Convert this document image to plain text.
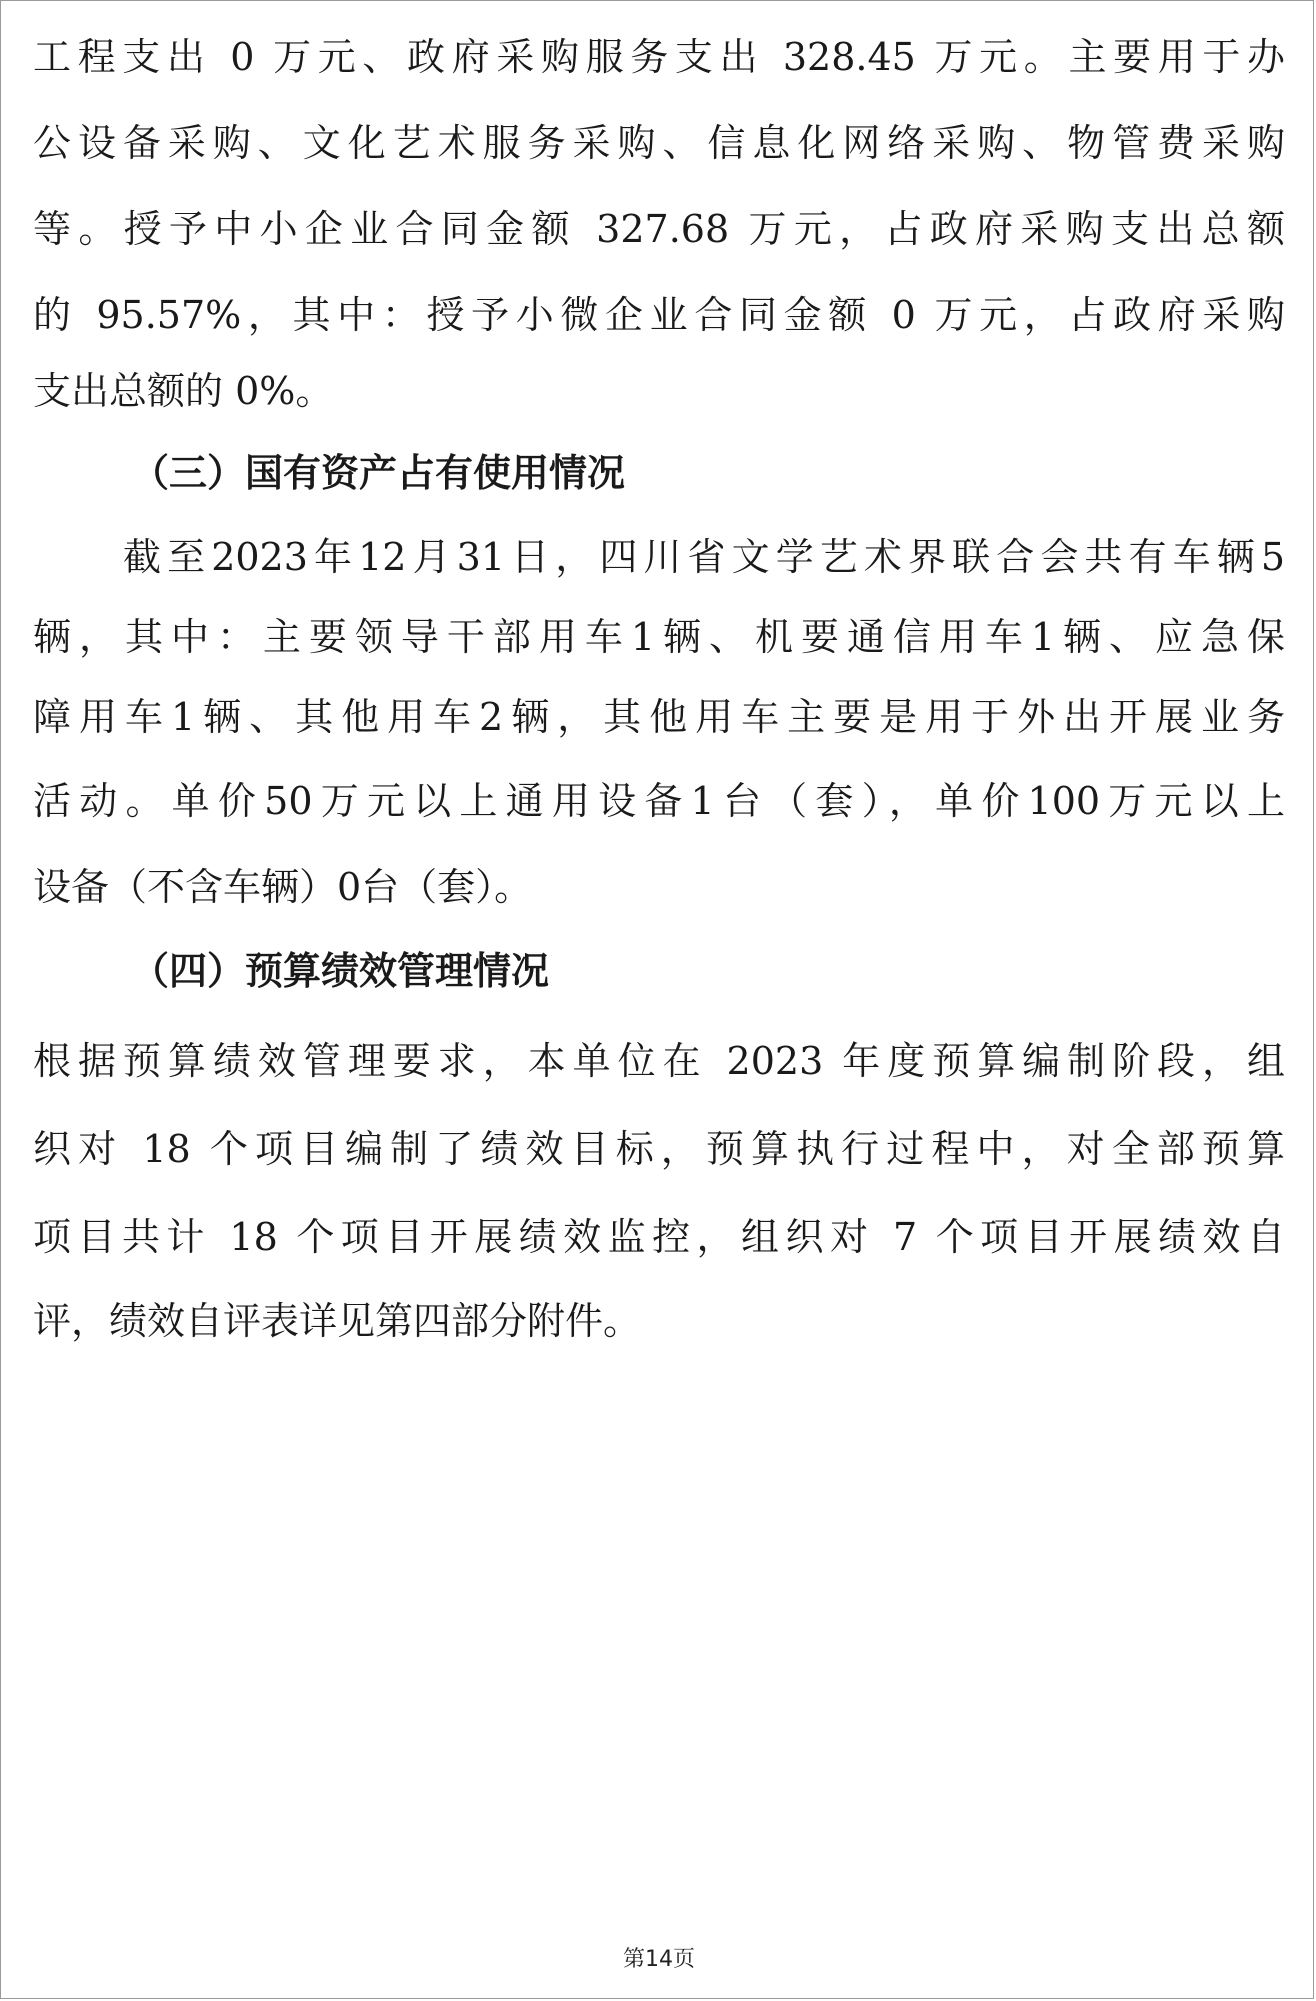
工程支出 0 万元、政府采购服务支出 328.45 万元。主要用于办
公设备采购、文化艺术服务采购、信息化网络采购、物管费采购
等。授予中小企业合同金额 327.68 万元，占政府采购支出总额
的 95.57%，其中：授予小微企业合同金额 0 万元，占政府采购
支出总额的 0%。
（三）国有资产占有使用情况
截至2023年12月31日，四川省文学艺术界联合会共有车辆5
辆，其中：主要领导干部用车1辆、机要通信用车1辆、应急保
障用车1辆、其他用车2辆，其他用车主要是用于外出开展业务
活动。单价50万元以上通用设备1台（套），单价100万元以上
设备（不含车辆）0台（套）。
（四）预算绩效管理情况
根据预算绩效管理要求，本单位在 2023 年度预算编制阶段，组
织对 18 个项目编制了绩效目标，预算执行过程中，对全部预算
项目共计 18 个项目开展绩效监控，组织对 7 个项目开展绩效自
评，绩效自评表详见第四部分附件。
第14页
